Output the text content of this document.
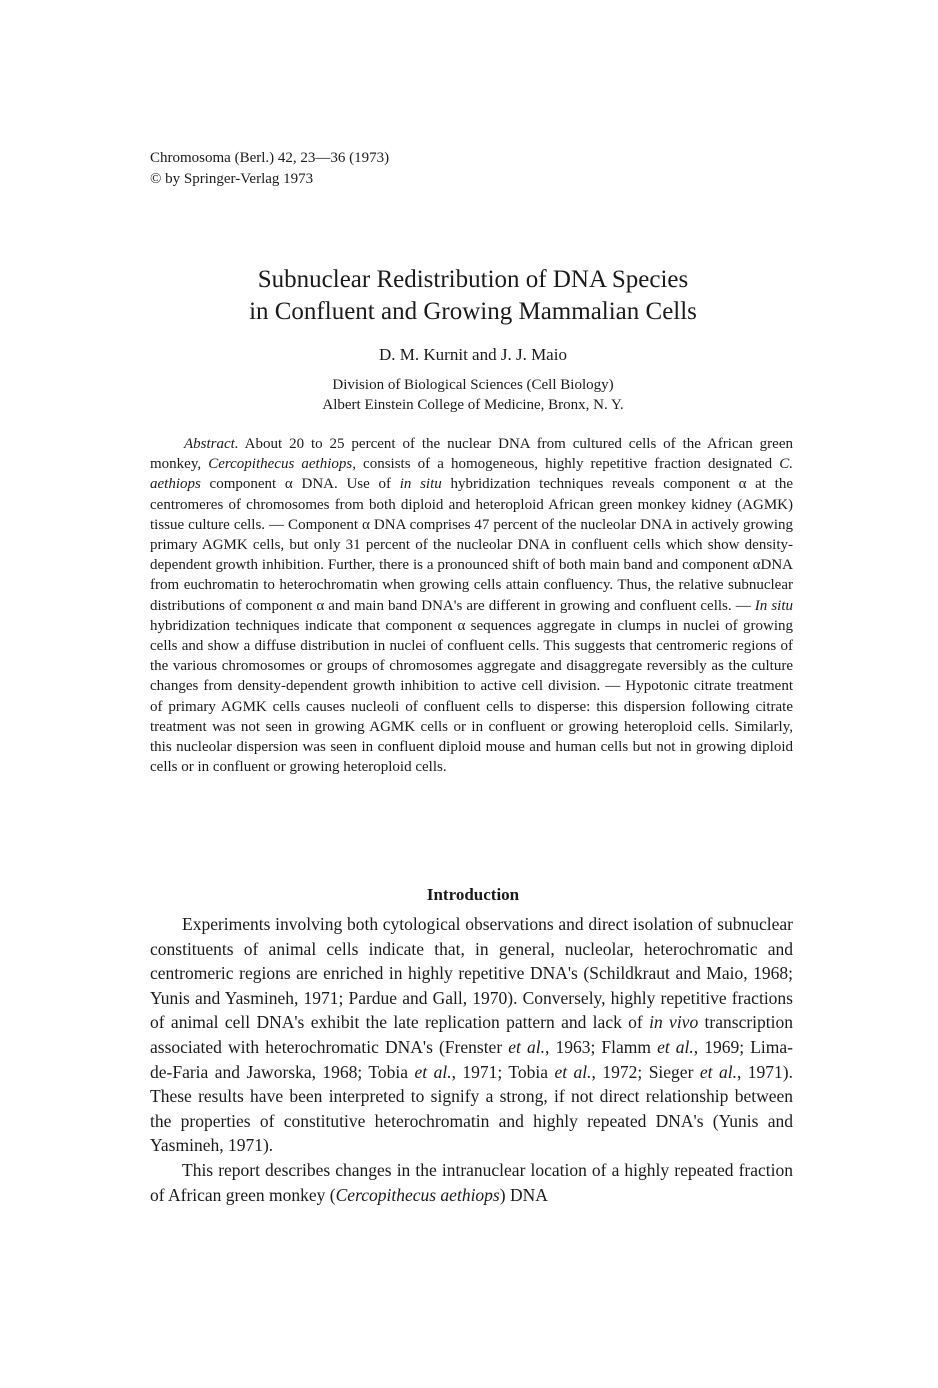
Chromosoma (Berl.) 42, 23—36 (1973)
© by Springer-Verlag 1973
Subnuclear Redistribution of DNA Species
in Confluent and Growing Mammalian Cells
D. M. Kurnit and J. J. Maio
Division of Biological Sciences (Cell Biology)
Albert Einstein College of Medicine, Bronx, N. Y.
Abstract. About 20 to 25 percent of the nuclear DNA from cultured cells of the African green monkey, Cercopithecus aethiops, consists of a homogeneous, highly repetitive fraction designated C. aethiops component α DNA. Use of in situ hybridization techniques reveals component α at the centromeres of chromosomes from both diploid and heteroploid African green monkey kidney (AGMK) tissue culture cells. — Component α DNA comprises 47 percent of the nucleolar DNA in actively growing primary AGMK cells, but only 31 percent of the nucleolar DNA in confluent cells which show density-dependent growth inhibition. Further, there is a pronounced shift of both main band and component αDNA from euchromatin to heterochromatin when growing cells attain confluency. Thus, the relative subnuclear distributions of component α and main band DNA's are different in growing and confluent cells. — In situ hybridization techniques indicate that component α sequences aggregate in clumps in nuclei of growing cells and show a diffuse distribution in nuclei of confluent cells. This suggests that centromeric regions of the various chromosomes or groups of chromosomes aggregate and disaggregate reversibly as the culture changes from density-dependent growth inhibition to active cell division. — Hypotonic citrate treatment of primary AGMK cells causes nucleoli of confluent cells to disperse: this dispersion following citrate treatment was not seen in growing AGMK cells or in confluent or growing heteroploid cells. Similarly, this nucleolar dispersion was seen in confluent diploid mouse and human cells but not in growing diploid cells or in confluent or growing heteroploid cells.
Introduction

Experiments involving both cytological observations and direct isolation of subnuclear constituents of animal cells indicate that, in general, nucleolar, heterochromatic and centromeric regions are enriched in highly repetitive DNA's (Schildkraut and Maio, 1968; Yunis and Yasmineh, 1971; Pardue and Gall, 1970). Conversely, highly repetitive fractions of animal cell DNA's exhibit the late replication pattern and lack of in vivo transcription associated with heterochromatic DNA's (Frenster et al., 1963; Flamm et al., 1969; Lima-de-Faria and Jaworska, 1968; Tobia et al., 1971; Tobia et al., 1972; Sieger et al., 1971). These results have been interpreted to signify a strong, if not direct relationship between the properties of constitutive heterochromatin and highly repeated DNA's (Yunis and Yasmineh, 1971).

This report describes changes in the intranuclear location of a highly repeated fraction of African green monkey (Cercopithecus aethiops) DNA
